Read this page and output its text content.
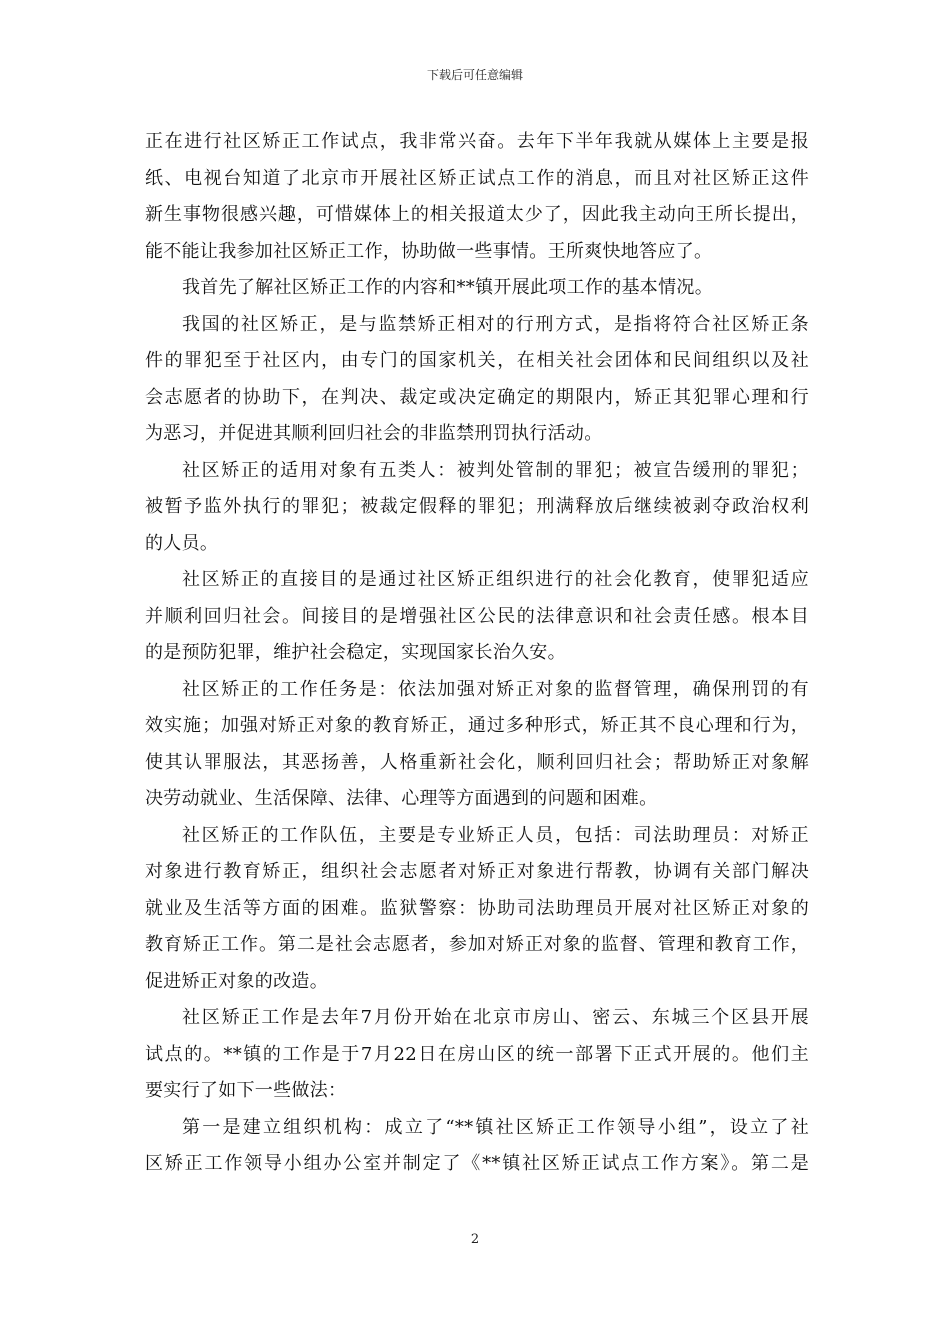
下载后可任意编辑
正在进行社区矫正工作试点，我非常兴奋。去年下半年我就从媒体上主要是报
纸、电视台知道了北京市开展社区矫正试点工作的消息，而且对社区矫正这件
新生事物很感兴趣，可惜媒体上的相关报道太少了，因此我主动向王所长提出，
能不能让我参加社区矫正工作，协助做一些事情。王所爽快地答应了。
我首先了解社区矫正工作的内容和**镇开展此项工作的基本情况。
我国的社区矫正，是与监禁矫正相对的行刑方式，是指将符合社区矫正条
件的罪犯至于社区内，由专门的国家机关，在相关社会团体和民间组织以及社
会志愿者的协助下，在判决、裁定或决定确定的期限内，矫正其犯罪心理和行
为恶习，并促进其顺利回归社会的非监禁刑罚执行活动。
社区矫正的适用对象有五类人：被判处管制的罪犯；被宣告缓刑的罪犯；
被暂予监外执行的罪犯；被裁定假释的罪犯；刑满释放后继续被剥夺政治权利
的人员。
社区矫正的直接目的是通过社区矫正组织进行的社会化教育，使罪犯适应
并顺利回归社会。间接目的是增强社区公民的法律意识和社会责任感。根本目
的是预防犯罪，维护社会稳定，实现国家长治久安。
社区矫正的工作任务是：依法加强对矫正对象的监督管理，确保刑罚的有
效实施；加强对矫正对象的教育矫正，通过多种形式，矫正其不良心理和行为，
使其认罪服法，其恶扬善，人格重新社会化，顺利回归社会；帮助矫正对象解
决劳动就业、生活保障、法律、心理等方面遇到的问题和困难。
社区矫正的工作队伍，主要是专业矫正人员，包括：司法助理员：对矫正
对象进行教育矫正，组织社会志愿者对矫正对象进行帮教，协调有关部门解决
就业及生活等方面的困难。监狱警察：协助司法助理员开展对社区矫正对象的
教育矫正工作。第二是社会志愿者，参加对矫正对象的监督、管理和教育工作，
促进矫正对象的改造。
社区矫正工作是去年7月份开始在北京市房山、密云、东城三个区县开展
试点的。**镇的工作是于7月22日在房山区的统一部署下正式开展的。他们主
要实行了如下一些做法：
第一是建立组织机构：成立了“**镇社区矫正工作领导小组”，设立了社
区矫正工作领导小组办公室并制定了《**镇社区矫正试点工作方案》。第二是
2
